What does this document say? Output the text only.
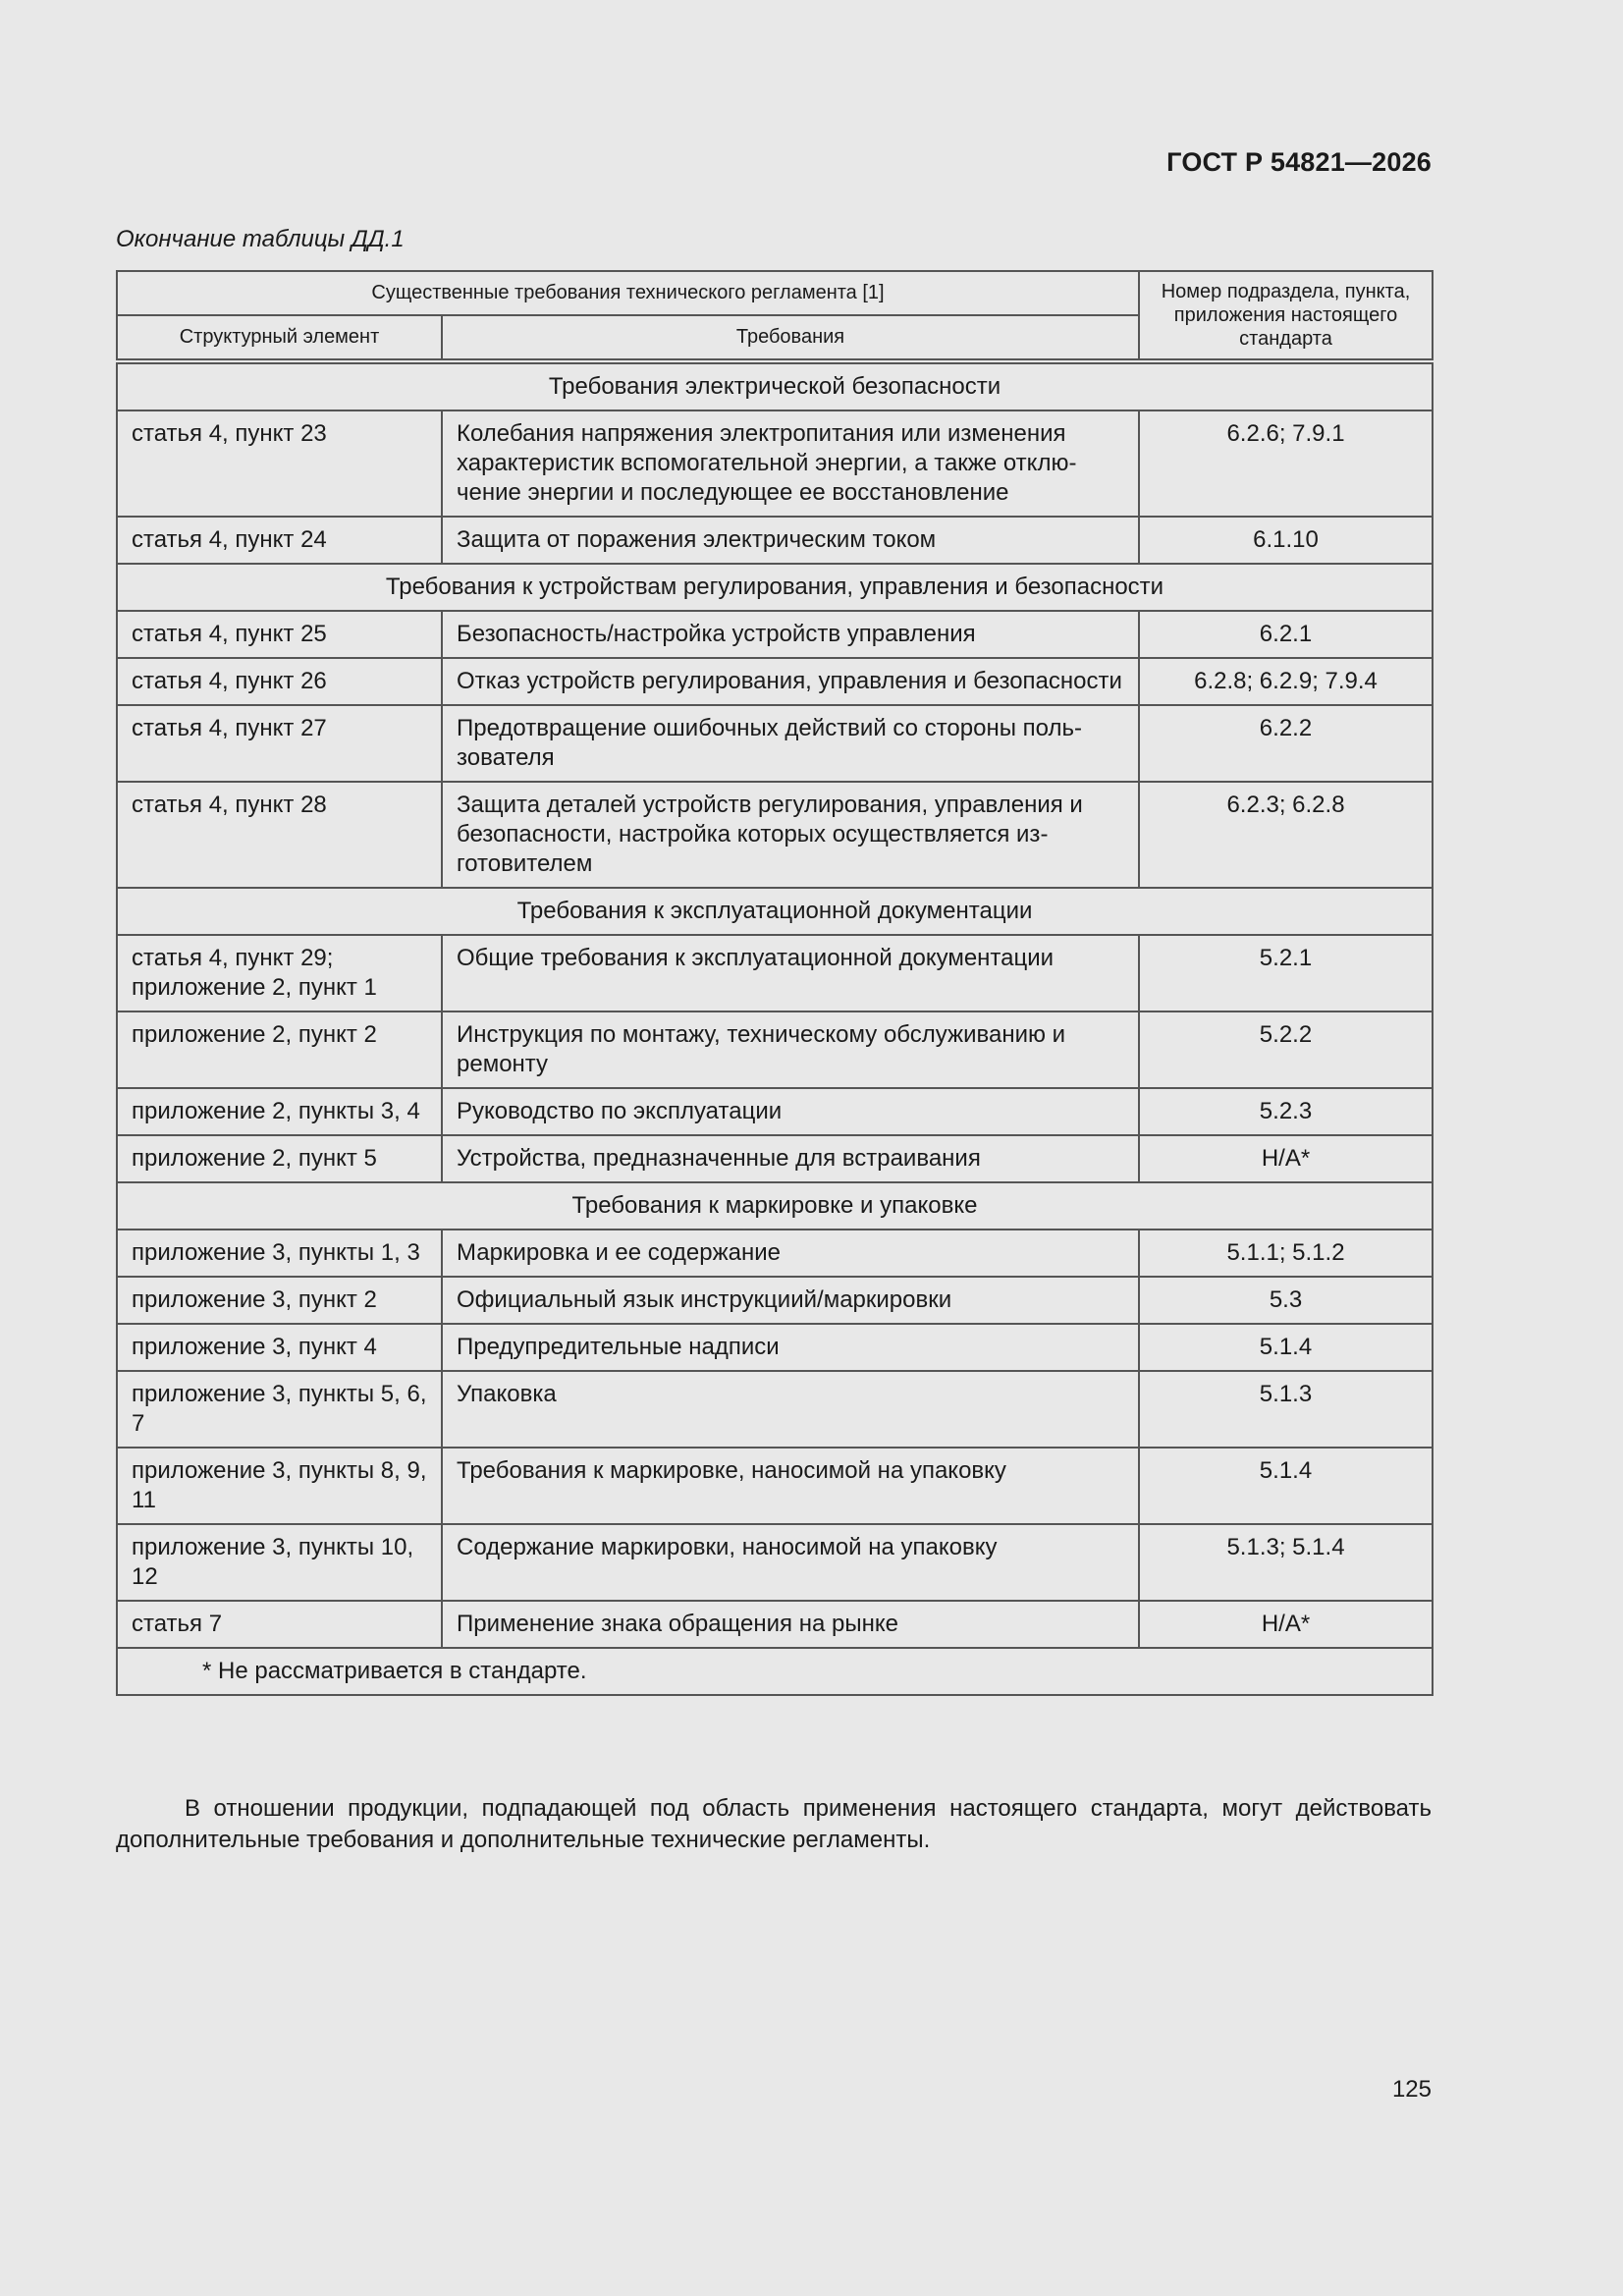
ГОСТ Р 54821—2026
Окончание таблицы ДД.1
Существенные требования технического регламента [1]		Номер подраздела, пункта, приложения настоящего стандарта
Структурный элемент	Требования	
Требования электрической безопасности		
статья 4, пункт 23	Колебания напряжения электропитания или изменения характеристик вспомогательной энергии, а также отключение энергии и последующее ее восстановление	6.2.6; 7.9.1
статья 4, пункт 24	Защита от поражения электрическим током	6.1.10
Требования к устройствам регулирования, управления и безопасности		
статья 4, пункт 25	Безопасность/настройка устройств управления	6.2.1
статья 4, пункт 26	Отказ устройств регулирования, управления и безопасности	6.2.8; 6.2.9; 7.9.4
статья 4, пункт 27	Предотвращение ошибочных действий со стороны пользователя	6.2.2
статья 4, пункт 28	Защита деталей устройств регулирования, управления и безопасности, настройка которых осуществляется изготовителем	6.2.3; 6.2.8
Требования к эксплуатационной документации		
статья 4, пункт 29; приложение 2, пункт 1	Общие требования к эксплуатационной документации	5.2.1
приложение 2, пункт 2	Инструкция по монтажу, техническому обслуживанию и ремонту	5.2.2
приложение 2, пункты 3, 4	Руководство по эксплуатации	5.2.3
приложение 2, пункт 5	Устройства, предназначенные для встраивания	Н/А*
Требования к маркировке и упаковке		
приложение 3, пункты 1, 3	Маркировка и ее содержание	5.1.1; 5.1.2
приложение 3, пункт 2	Официальный язык инструкциий/маркировки	5.3
приложение 3, пункт 4	Предупредительные надписи	5.1.4
приложение 3, пункты 5, 6, 7	Упаковка	5.1.3
приложение 3, пункты 8, 9, 11	Требования к маркировке, наносимой на упаковку	5.1.4
приложение 3, пункты 10, 12	Содержание маркировки, наносимой на упаковку	5.1.3; 5.1.4
статья 7	Применение знака обращения на рынке	Н/А*
* Не рассматривается в стандарте.		

В отношении продукции, подпадающей под область применения настоящего стандарта, могут действовать дополнительные требования и дополнительные технические регламенты.

125
